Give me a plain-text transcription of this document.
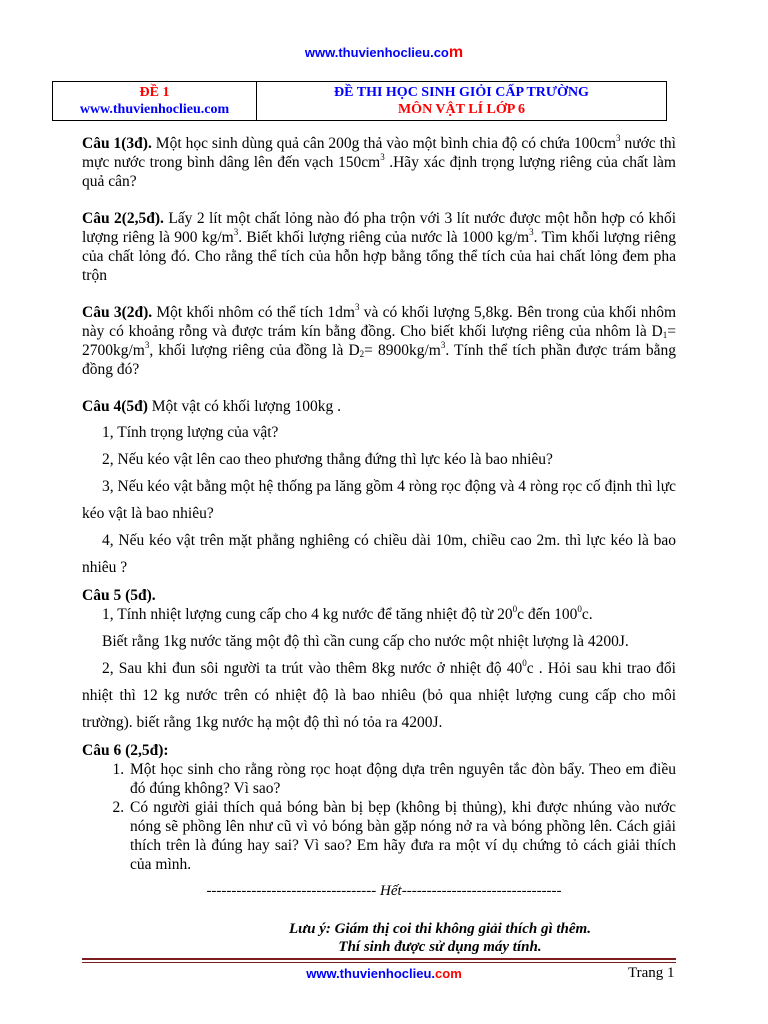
www.thuvienhoclieu.com
ĐỀ 1
www.thuvienhoclieu.com

ĐỀ THI HỌC SINH GIỎI CẤP TRƯỜNG
MÔN VẬT LÍ LỚP 6

Câu 1(3đ). Một học sinh dùng quả cân 200g thả vào một bình chia độ có chứa $100cm^3$ nước thì mực nước trong bình dâng lên đến vạch $150cm^3$ .Hãy xác định trọng lượng riêng của chất làm quả cân?

Câu 2(2,5đ). Lấy 2 lít một chất lỏng nào đó pha trộn với 3 lít nước được một hỗn hợp có khối lượng riêng là 900 $kg/m^3$. Biết khối lượng riêng của nước là 1000 $kg/m^3$. Tìm khối lượng riêng của chất lỏng đó. Cho rằng thể tích của hỗn hợp bằng tổng thể tích của hai chất lỏng đem pha trộn

Câu 3(2đ). Một khối nhôm có thể tích $1dm^3$ và có khối lượng 5,8kg. Bên trong của khối nhôm này có khoảng rỗng và được trám kín bằng đồng. Cho biết khối lượng riêng của nhôm là $D_1= 2700kg/m^3$, khối lượng riêng của đồng là $D_2= 8900kg/m^3$. Tính thể tích phần được trám bằng đồng đó?

Câu 4(5đ) Một vật có khối lượng 100kg .

1, Tính trọng lượng của vật?

2, Nếu kéo vật lên cao theo phương thẳng đứng thì lực kéo là bao nhiêu?

3, Nếu kéo vật bằng một hệ thống pa lăng gồm 4 ròng rọc động và 4 ròng rọc cố định thì lực kéo vật là bao nhiêu?

4, Nếu kéo vật trên mặt phẳng nghiêng có chiều dài 10m, chiều cao 2m. thì lực kéo là bao nhiêu ?

Câu 5 (5đ).

1, Tính nhiệt lượng cung cấp cho 4 kg nước để tăng nhiệt độ từ $20^0c$ đến $100^0c$.

Biết rằng 1kg nước tăng một độ thì cần cung cấp cho nước một nhiệt lượng là 4200J.

2, Sau khi đun sôi người ta trút vào thêm 8kg nước ở nhiệt độ $40^0c$ . Hỏi sau khi trao đổi nhiệt thì 12 kg nước trên có nhiệt độ là bao nhiêu (bỏ qua nhiệt lượng cung cấp cho môi trường). biết rằng 1kg nước hạ một độ thì nó tỏa ra 4200J.

Câu 6 (2,5đ):

1. Một học sinh cho rằng ròng rọc hoạt động dựa trên nguyên tắc đòn bẩy. Theo em điều đó đúng không? Vì sao?
2. Có người giải thích quả bóng bàn bị bẹp (không bị thủng), khi được nhúng vào nước nóng sẽ phồng lên như cũ vì vỏ bóng bàn gặp nóng nở ra và bóng phồng lên. Cách giải thích trên là đúng hay sai? Vì sao? Em hãy đưa ra một ví dụ chứng tỏ cách giải thích của mình.
---------------------------------- Hết--------------------------------
Lưu ý: Giám thị coi thi không giải thích gì thêm.
Thí sinh được sử dụng máy tính.
www.thuvienhoclieu.com	Trang 1
